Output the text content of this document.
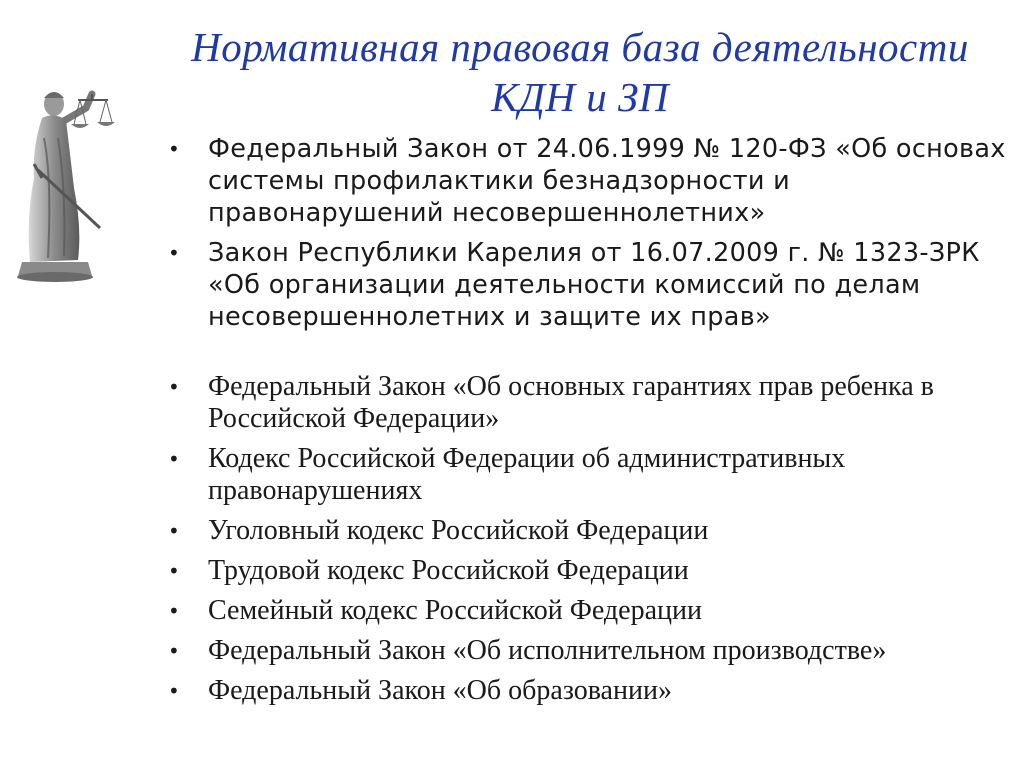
Нормативная правовая база деятельности КДН и ЗП
•	Федеральный Закон от 24.06.1999 № 120-ФЗ «Об основах системы профилактики безнадзорности и правонарушений несовершеннолетних»
•	Закон Республики Карелия от 16.07.2009 г. № 1323-ЗРК «Об организации деятельности комиссий по делам несовершеннолетних и защите их прав»
•	Федеральный Закон «Об основных гарантиях прав ребенка в Российской Федерации»
•	Кодекс Российской Федерации об административных правонарушениях
•	Уголовный кодекс Российской Федерации
•	Трудовой кодекс Российской Федерации
•	Семейный кодекс Российской Федерации
•	Федеральный Закон «Об исполнительном производстве»
•	Федеральный Закон «Об образовании»
